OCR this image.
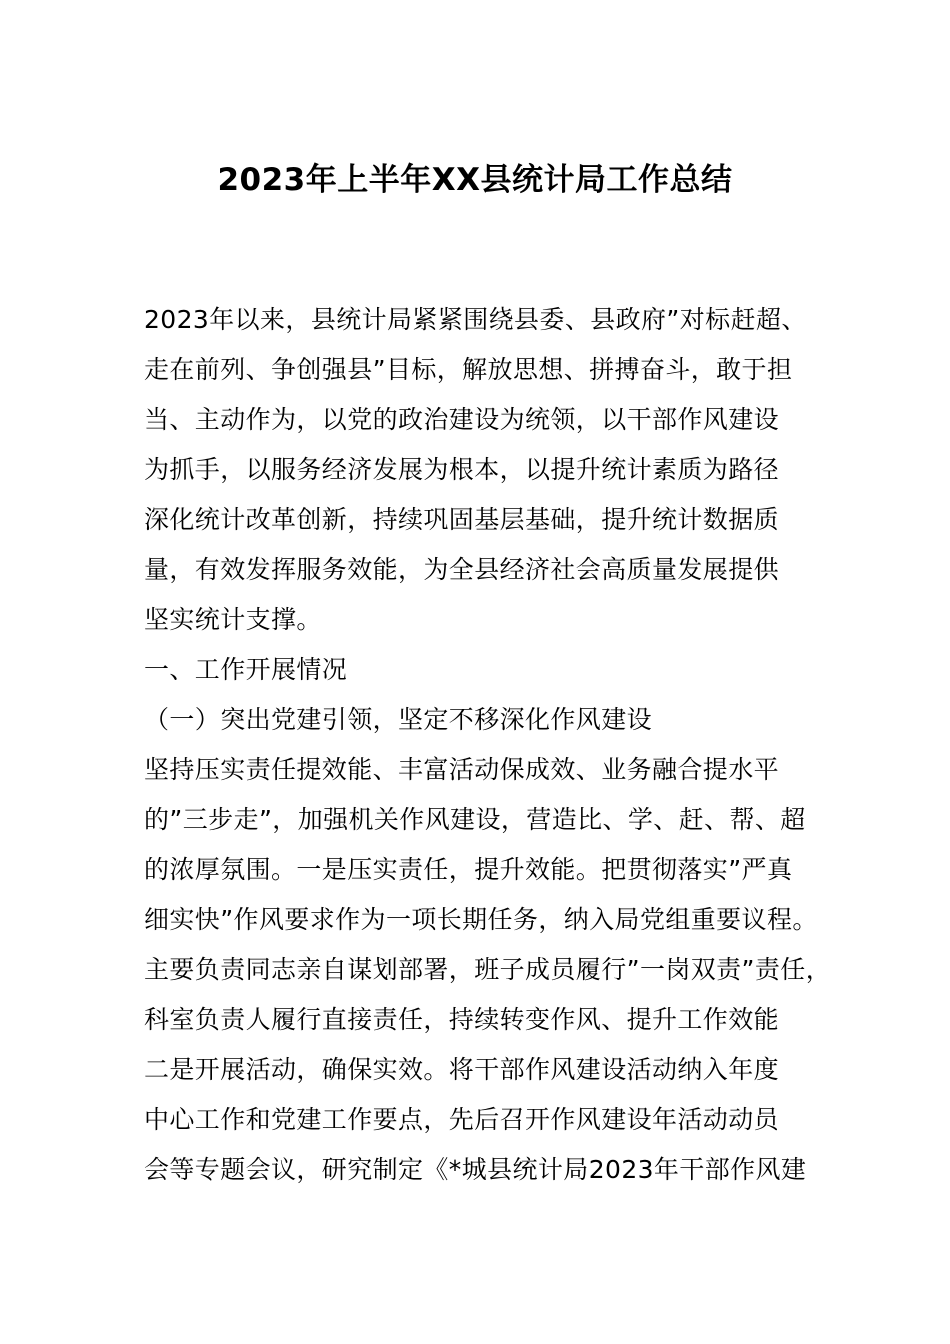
2023年上半年XX县统计局工作总结
2023年以来，县统计局紧紧围绕县委、县政府”对标赶超、
走在前列、争创强县”目标，解放思想、拼搏奋斗，敢于担
当、主动作为，以党的政治建设为统领，以干部作风建设
为抓手，以服务经济发展为根本，以提升统计素质为路径
深化统计改革创新，持续巩固基层基础，提升统计数据质
量，有效发挥服务效能，为全县经济社会高质量发展提供
坚实统计支撑。
一、工作开展情况
（一）突出党建引领，坚定不移深化作风建设
坚持压实责任提效能、丰富活动保成效、业务融合提水平
的”三步走”，加强机关作风建设，营造比、学、赶、帮、超
的浓厚氛围。一是压实责任，提升效能。把贯彻落实”严真
细实快”作风要求作为一项长期任务，纳入局党组重要议程。
主要负责同志亲自谋划部署，班子成员履行”一岗双责”责任，
科室负责人履行直接责任，持续转变作风、提升工作效能
二是开展活动，确保实效。将干部作风建设活动纳入年度
中心工作和党建工作要点，先后召开作风建设年活动动员
会等专题会议，研究制定《*城县统计局2023年干部作风建
